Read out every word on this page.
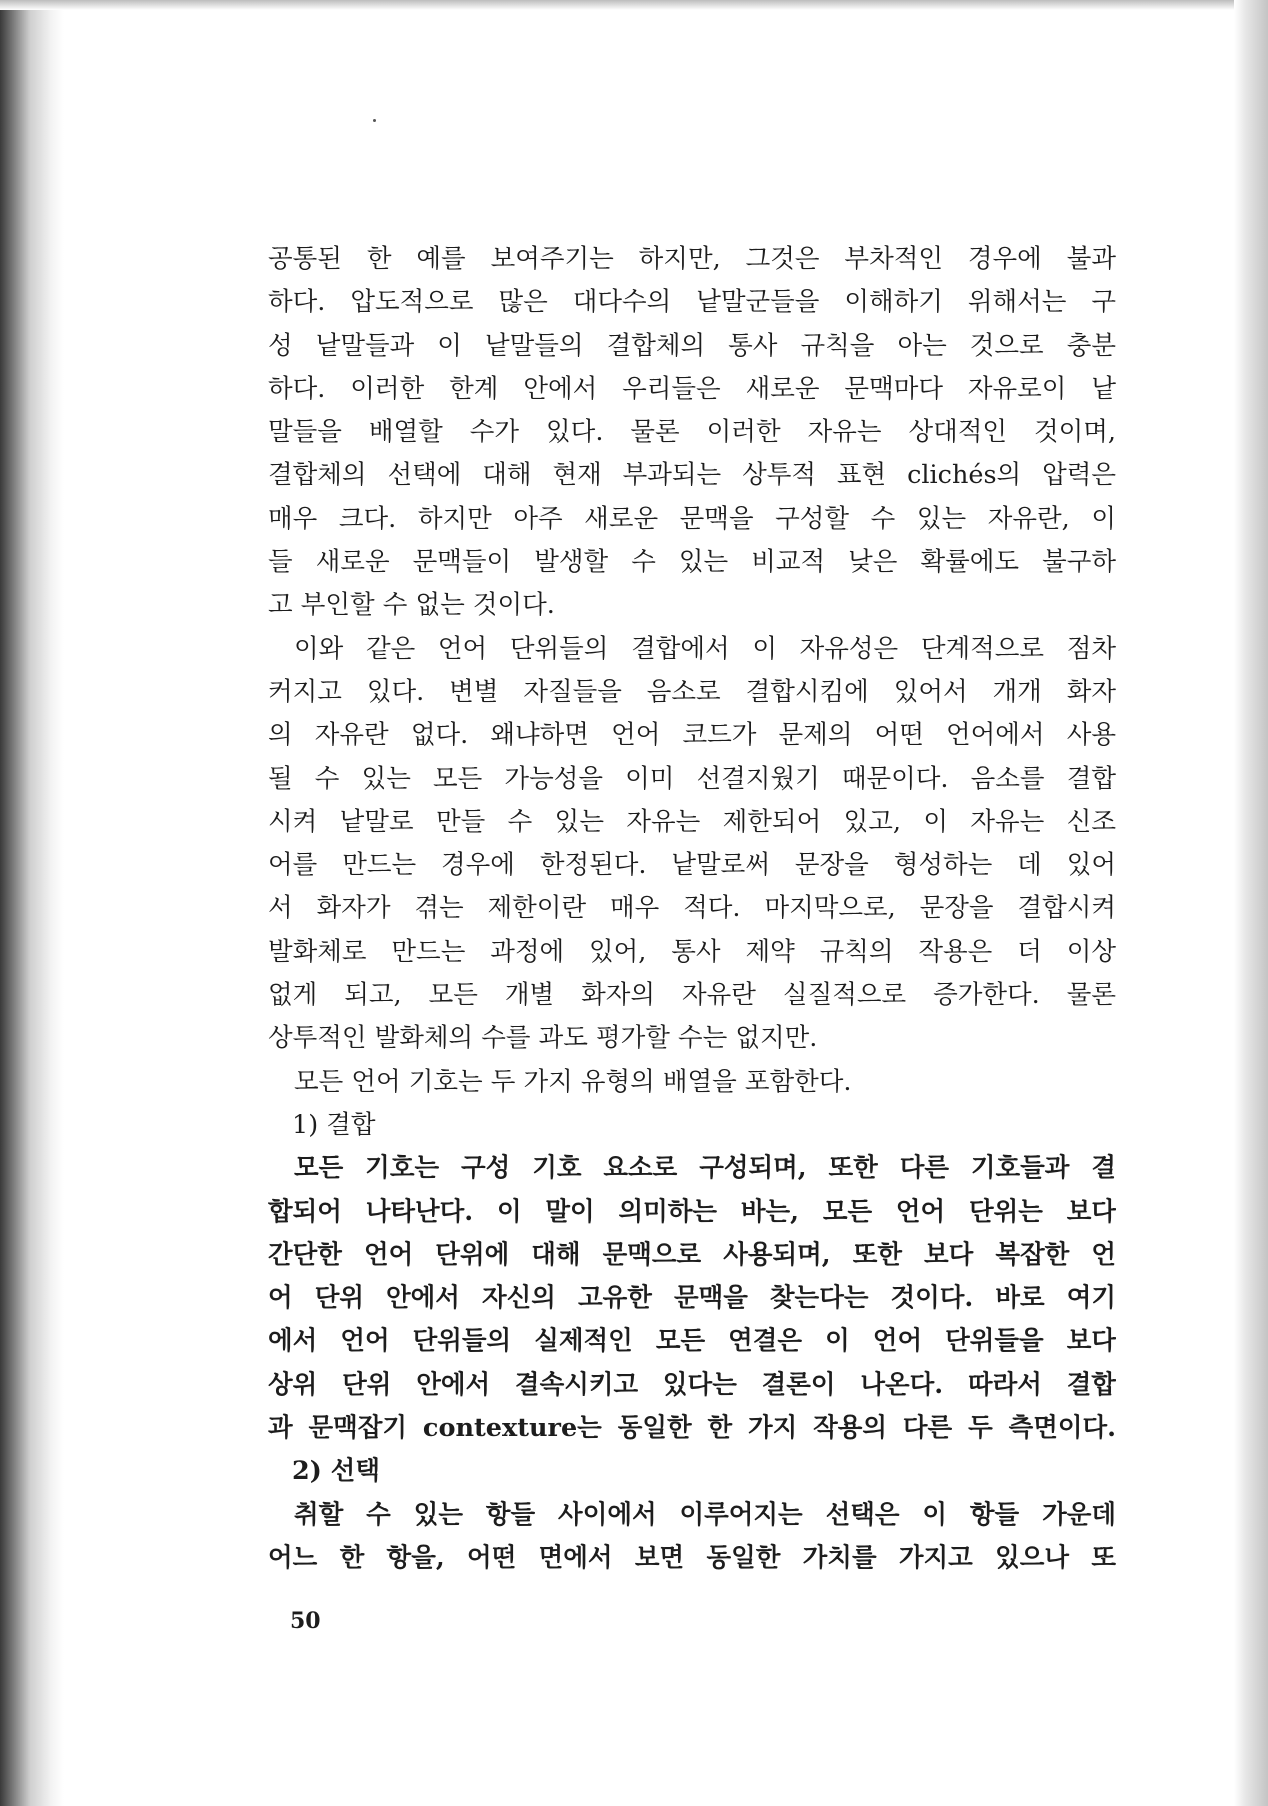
공통된 한 예를 보여주기는 하지만, 그것은 부차적인 경우에 불과
하다. 압도적으로 많은 대다수의 낱말군들을 이해하기 위해서는 구
성 낱말들과 이 낱말들의 결합체의 통사 규칙을 아는 것으로 충분
하다. 이러한 한계 안에서 우리들은 새로운 문맥마다 자유로이 낱
말들을 배열할 수가 있다. 물론 이러한 자유는 상대적인 것이며,
결합체의 선택에 대해 현재 부과되는 상투적 표현 clichés의 압력은
매우 크다. 하지만 아주 새로운 문맥을 구성할 수 있는 자유란, 이
들 새로운 문맥들이 발생할 수 있는 비교적 낮은 확률에도 불구하
고 부인할 수 없는 것이다.
이와 같은 언어 단위들의 결합에서 이 자유성은 단계적으로 점차
커지고 있다. 변별 자질들을 음소로 결합시킴에 있어서 개개 화자
의 자유란 없다. 왜냐하면 언어 코드가 문제의 어떤 언어에서 사용
될 수 있는 모든 가능성을 이미 선결지웠기 때문이다. 음소를 결합
시켜 낱말로 만들 수 있는 자유는 제한되어 있고, 이 자유는 신조
어를 만드는 경우에 한정된다. 낱말로써 문장을 형성하는 데 있어
서 화자가 겪는 제한이란 매우 적다. 마지막으로, 문장을 결합시켜
발화체로 만드는 과정에 있어, 통사 제약 규칙의 작용은 더 이상
없게 되고, 모든 개별 화자의 자유란 실질적으로 증가한다. 물론
상투적인 발화체의 수를 과도 평가할 수는 없지만.
모든 언어 기호는 두 가지 유형의 배열을 포함한다.
1) 결합
모든 기호는 구성 기호 요소로 구성되며, 또한 다른 기호들과 결
합되어 나타난다. 이 말이 의미하는 바는, 모든 언어 단위는 보다
간단한 언어 단위에 대해 문맥으로 사용되며, 또한 보다 복잡한 언
어 단위 안에서 자신의 고유한 문맥을 찾는다는 것이다. 바로 여기
에서 언어 단위들의 실제적인 모든 연결은 이 언어 단위들을 보다
상위 단위 안에서 결속시키고 있다는 결론이 나온다. 따라서 결합
과 문맥잡기 contexture는 동일한 한 가지 작용의 다른 두 측면이다.
2) 선택
취할 수 있는 항들 사이에서 이루어지는 선택은 이 항들 가운데
어느 한 항을, 어떤 면에서 보면 동일한 가치를 가지고 있으나 또
50
